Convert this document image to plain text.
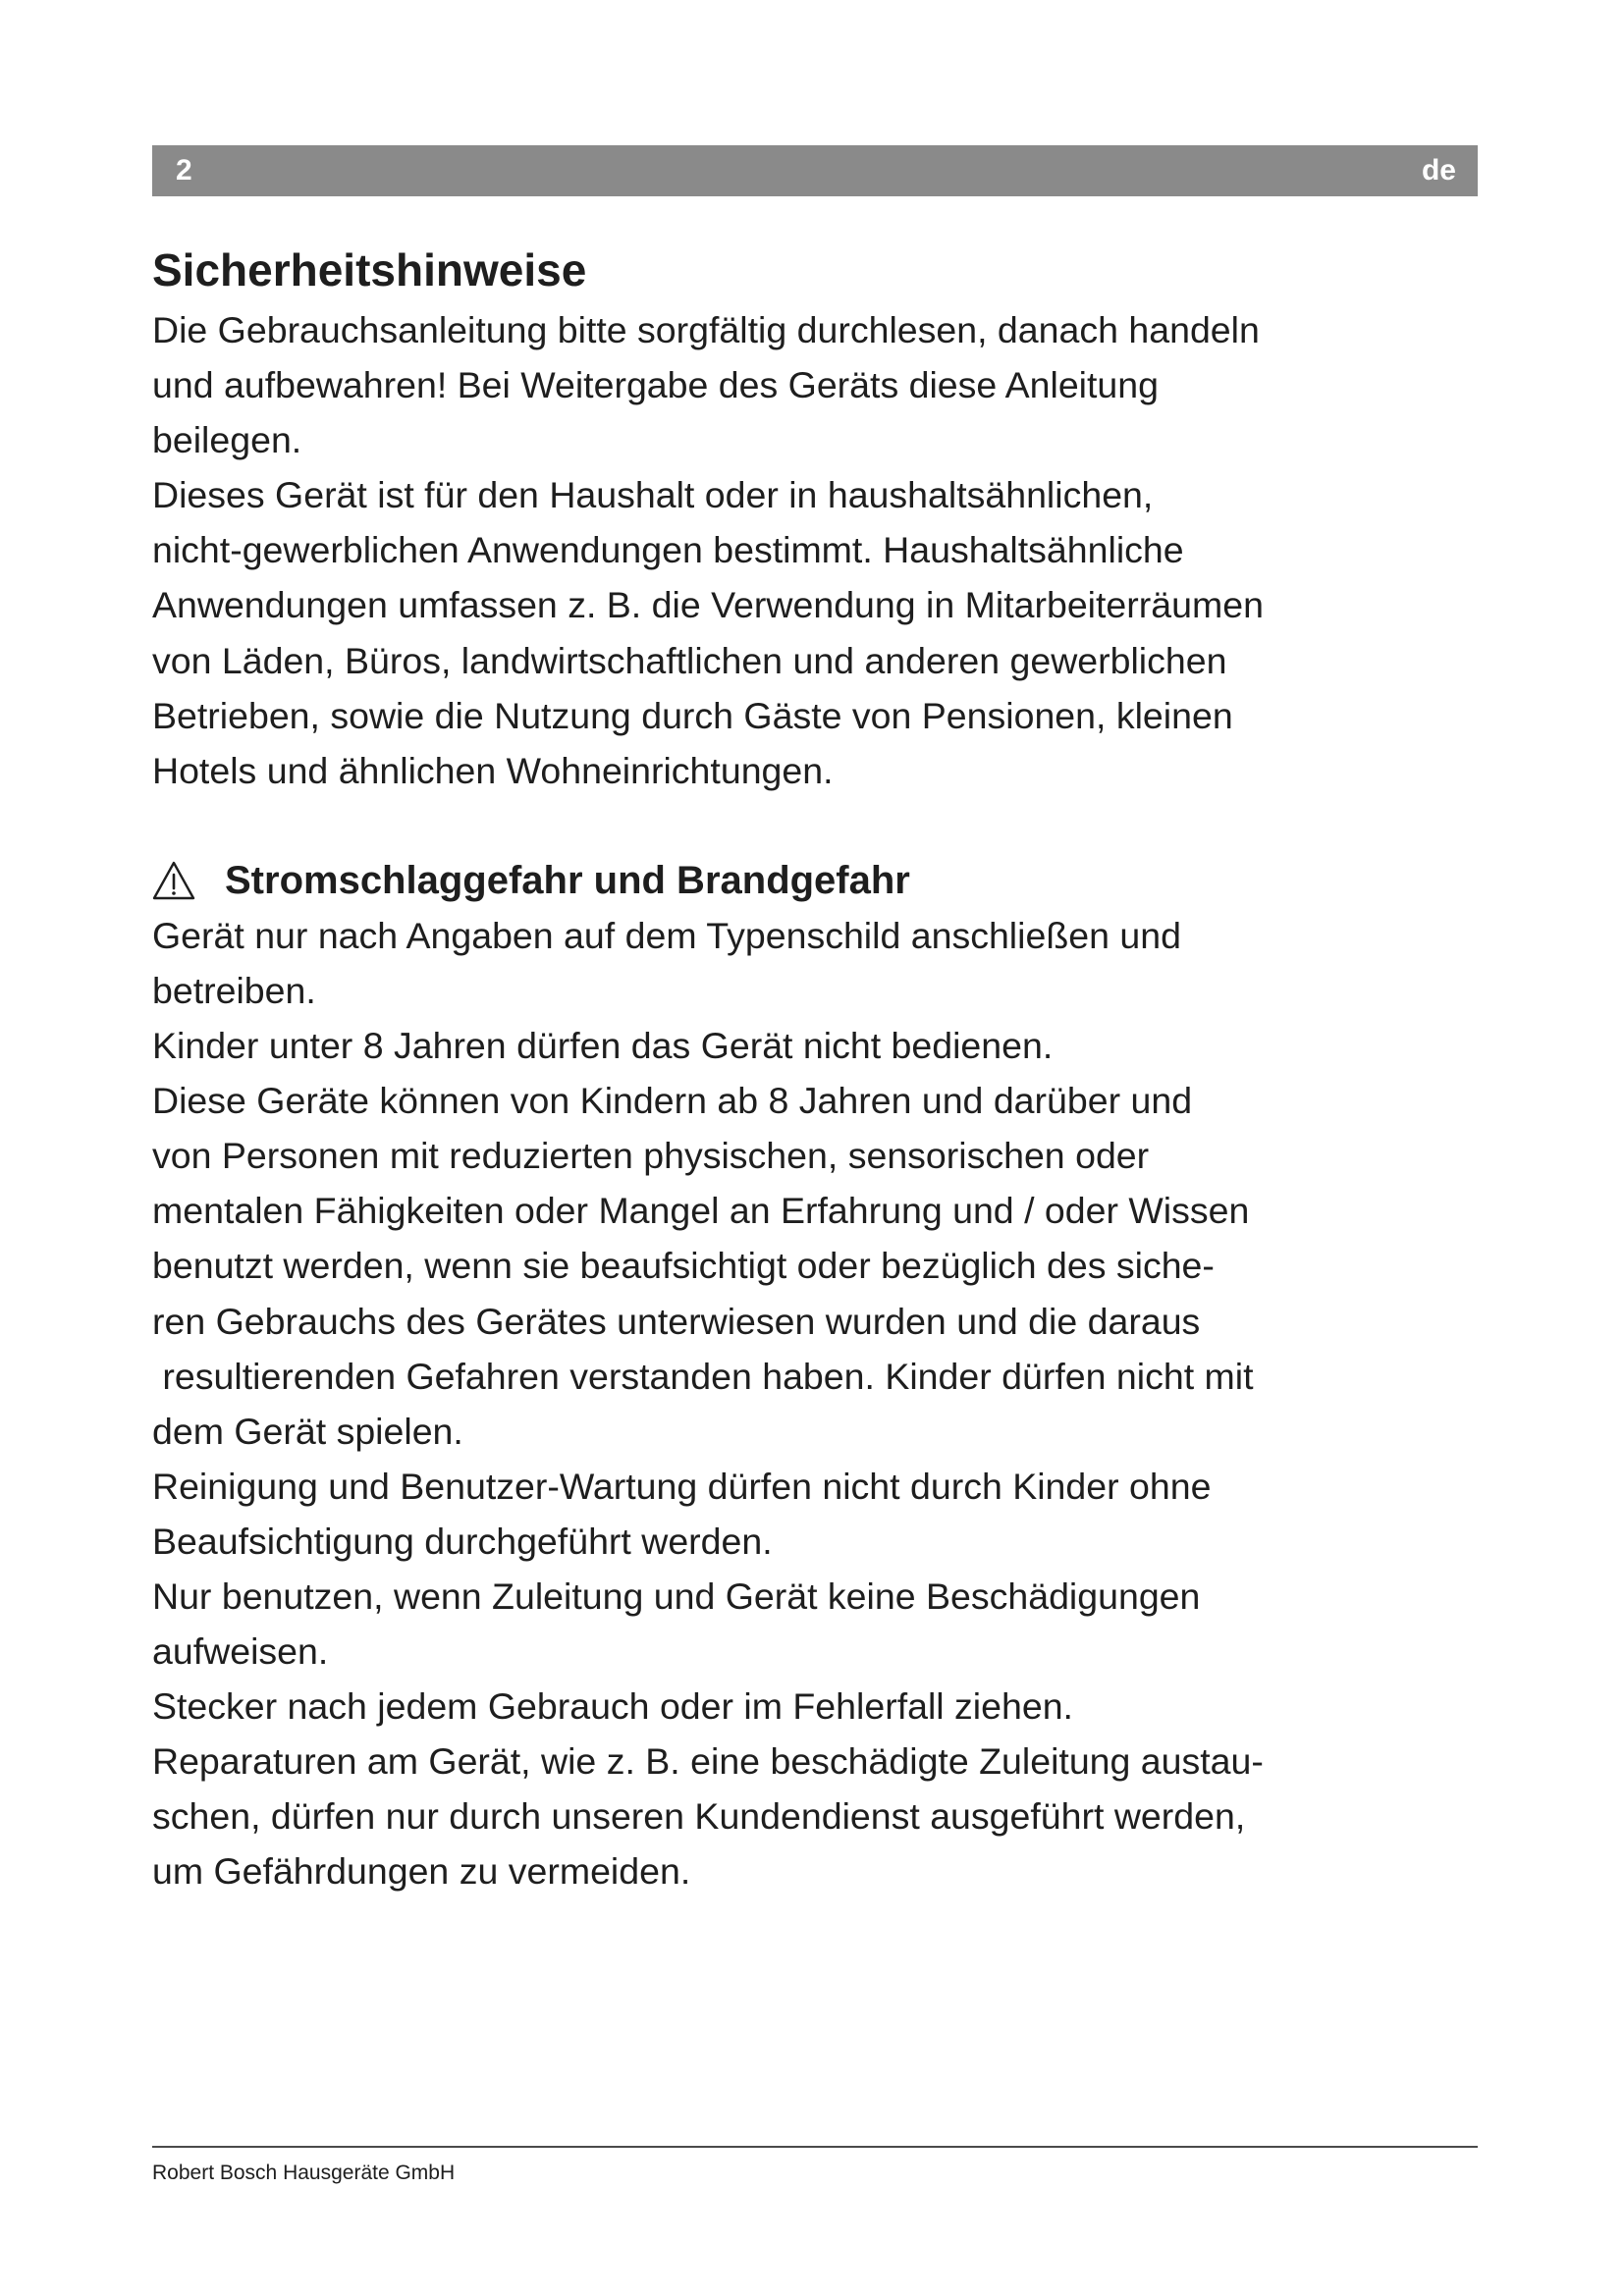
2	de
Sicherheitshinweise

Die Gebrauchsanleitung bitte sorgfältig durchlesen, danach handeln

und aufbewahren! Bei Weitergabe des Geräts diese Anleitung

beilegen.

Dieses Gerät ist für den Haushalt oder in haushaltsähnlichen,

nicht-gewerblichen Anwendungen bestimmt. Haushaltsähnliche

Anwendungen umfassen z. B. die Verwendung in Mitarbeiterräumen

von Läden, Büros, landwirtschaftlichen und anderen gewerblichen

Betrieben, sowie die Nutzung durch Gäste von Pensionen, kleinen

Hotels und ähnlichen Wohneinrichtungen.

Stromschlaggefahr und Brandgefahr

Gerät nur nach Angaben auf dem Typenschild anschließen und

betreiben.

Kinder unter 8 Jahren dürfen das Gerät nicht bedienen.

Diese Geräte können von Kindern ab 8 Jahren und darüber und

von Personen mit reduzierten physischen, sensorischen oder

mentalen Fähigkeiten oder Mangel an Erfahrung und / oder Wissen

benutzt werden, wenn sie beaufsichtigt oder bezüglich des siche-

ren Gebrauchs des Gerätes unterwiesen wurden und die daraus

resultierenden Gefahren verstanden haben. Kinder dürfen nicht mit

dem Gerät spielen.

Reinigung und Benutzer-Wartung dürfen nicht durch Kinder ohne

Beaufsichtigung durchgeführt werden.

Nur benutzen, wenn Zuleitung und Gerät keine Beschädigungen

aufweisen.

Stecker nach jedem Gebrauch oder im Fehlerfall ziehen.

Reparaturen am Gerät, wie z. B. eine beschädigte Zuleitung austau-

schen, dürfen nur durch unseren Kundendienst ausgeführt werden,

um Gefährdungen zu vermeiden.

Robert Bosch Hausgeräte GmbH
